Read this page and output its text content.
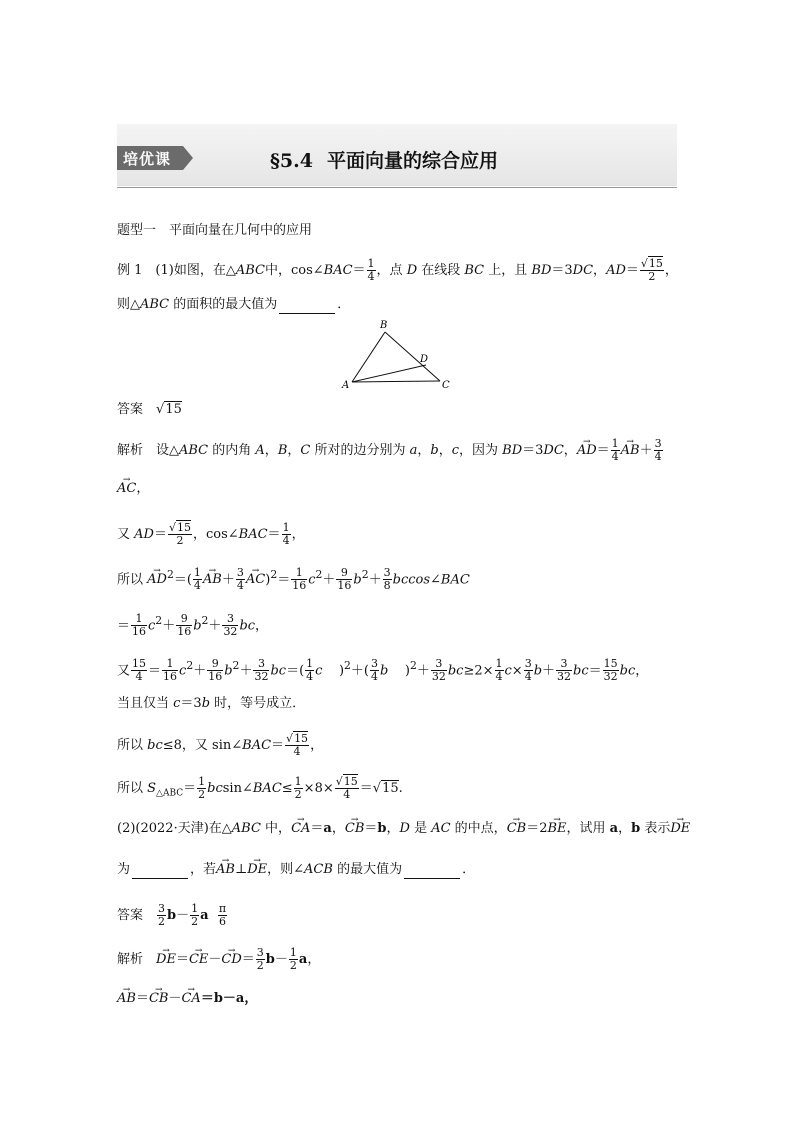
培优课	§5.4 平面向量的综合应用
题型一　平面向量在几何中的应用
例 1　(1)如图，在△ABC中，cos∠BAC＝ $\frac{1}{4}$ ，点 D 在线段 BC 上，且 BD＝3DC，$AD= \frac{√15}{2}$ ，
则△ABC 的面积的最大值为	．
B
D
A	C
答案　√15
解析　设△ABC 的内角 A，B，C 所对的边分别为 a，b，c，因为 BD＝3DC，→ $AD= \frac{1}{4}$
→ $AB+ \frac{3}{4}$
→ AC，
又 $AD= \frac{√15}{2}$ ，cos∠BAC＝ $\frac{1}{4}$ ，
所以 → $AD^2=( \frac{1}{4}$
→ $AB+ \frac{3}{4}$
→ $AC)^2= \frac{1}{16} c^2+ \frac{9}{16} b^2+ \frac{3}{8}$ bccos∠BAC
＝ $\frac{1}{16} c^2+ \frac{9}{16} b^2+ \frac{3}{32}$ bc，
又 $\frac{15}{4} = \frac{1}{16} c^2+ \frac{9}{16} b^2+ \frac{3}{32} bc=( \frac{1}{4}$ c    )$^2+( \frac{3}{4}$ b    )$^2+ \frac{3}{32} bc\ge 2\times \frac{1}{4} c\times \frac{3}{4} b+ \frac{3}{32} bc= \frac{15}{32}$ bc，
当且仅当 c＝3b 时，等号成立．
所以 bc≤8，又 sin∠BAC＝ $\frac{√15}{4}$ ，
所以 $S_{\triangle ABC}= \frac{1}{2}$ bcsin∠BAC≤ $\frac{1}{2} \times 8\times \frac{√15}{4} =√15$.
(2)(2022·天津)在△ABC 中，→ CA＝a，→ CB＝b，D 是 AC 的中点，→ CB＝2→ BE，试用 a，b 表示→ DE
为	，若→ AB⊥→ DE，则∠ACB 的最大值为	．
答案　 $\frac{3}{2} b- \frac{1}{2}$ a $\frac{\pi}{6}$
解析　→ $DE=\to CE-\to CD= \frac{3}{2} b- \frac{1}{2}$ a，
→ AB＝→ CB－→ CA＝b－a，
